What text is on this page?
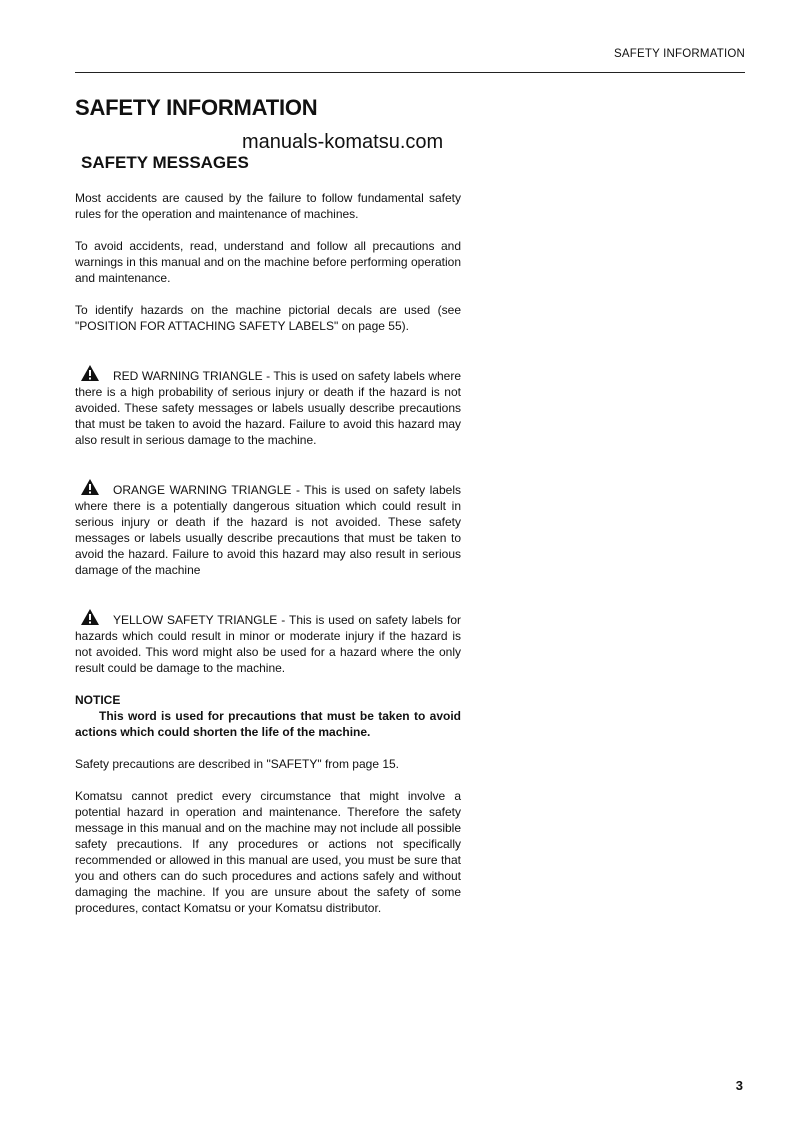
SAFETY INFORMATION
SAFETY INFORMATION
manuals-komatsu.com
SAFETY MESSAGES

Most accidents are caused by the failure to follow fundamental safety rules for the operation and maintenance of machines.

To avoid accidents, read, understand and follow all precautions and warnings in this manual and on the machine before performing operation and maintenance.

To identify hazards on the machine pictorial decals are used (see "POSITION FOR ATTACHING SAFETY LABELS" on page 55).

RED WARNING TRIANGLE - This is used on safety labels where there is a high probability of serious injury or death if the hazard is not avoided. These safety messages or labels usually describe precautions that must be taken to avoid the hazard. Failure to avoid this hazard may also result in serious damage to the machine.

ORANGE WARNING TRIANGLE - This is used on safety labels where there is a potentially dangerous situation which could result in serious injury or death if the hazard is not avoided. These safety messages or labels usually describe precautions that must be taken to avoid the hazard. Failure to avoid this hazard may also result in serious damage of the machine

YELLOW SAFETY TRIANGLE - This is used on safety labels for hazards which could result in minor or moderate injury if the hazard is not avoided. This word might also be used for a hazard where the only result could be damage to the machine.

NOTICE

This word is used for precautions that must be taken to avoid actions which could shorten the life of the machine.

Safety precautions are described in "SAFETY" from page 15.

Komatsu cannot predict every circumstance that might involve a potential hazard in operation and maintenance. Therefore the safety message in this manual and on the machine may not include all possible safety precautions. If any procedures or actions not specifically recommended or allowed in this manual are used, you must be sure that you and others can do such procedures and actions safely and without damaging the machine. If you are unsure about the safety of some procedures, contact Komatsu or your Komatsu distributor.

3
